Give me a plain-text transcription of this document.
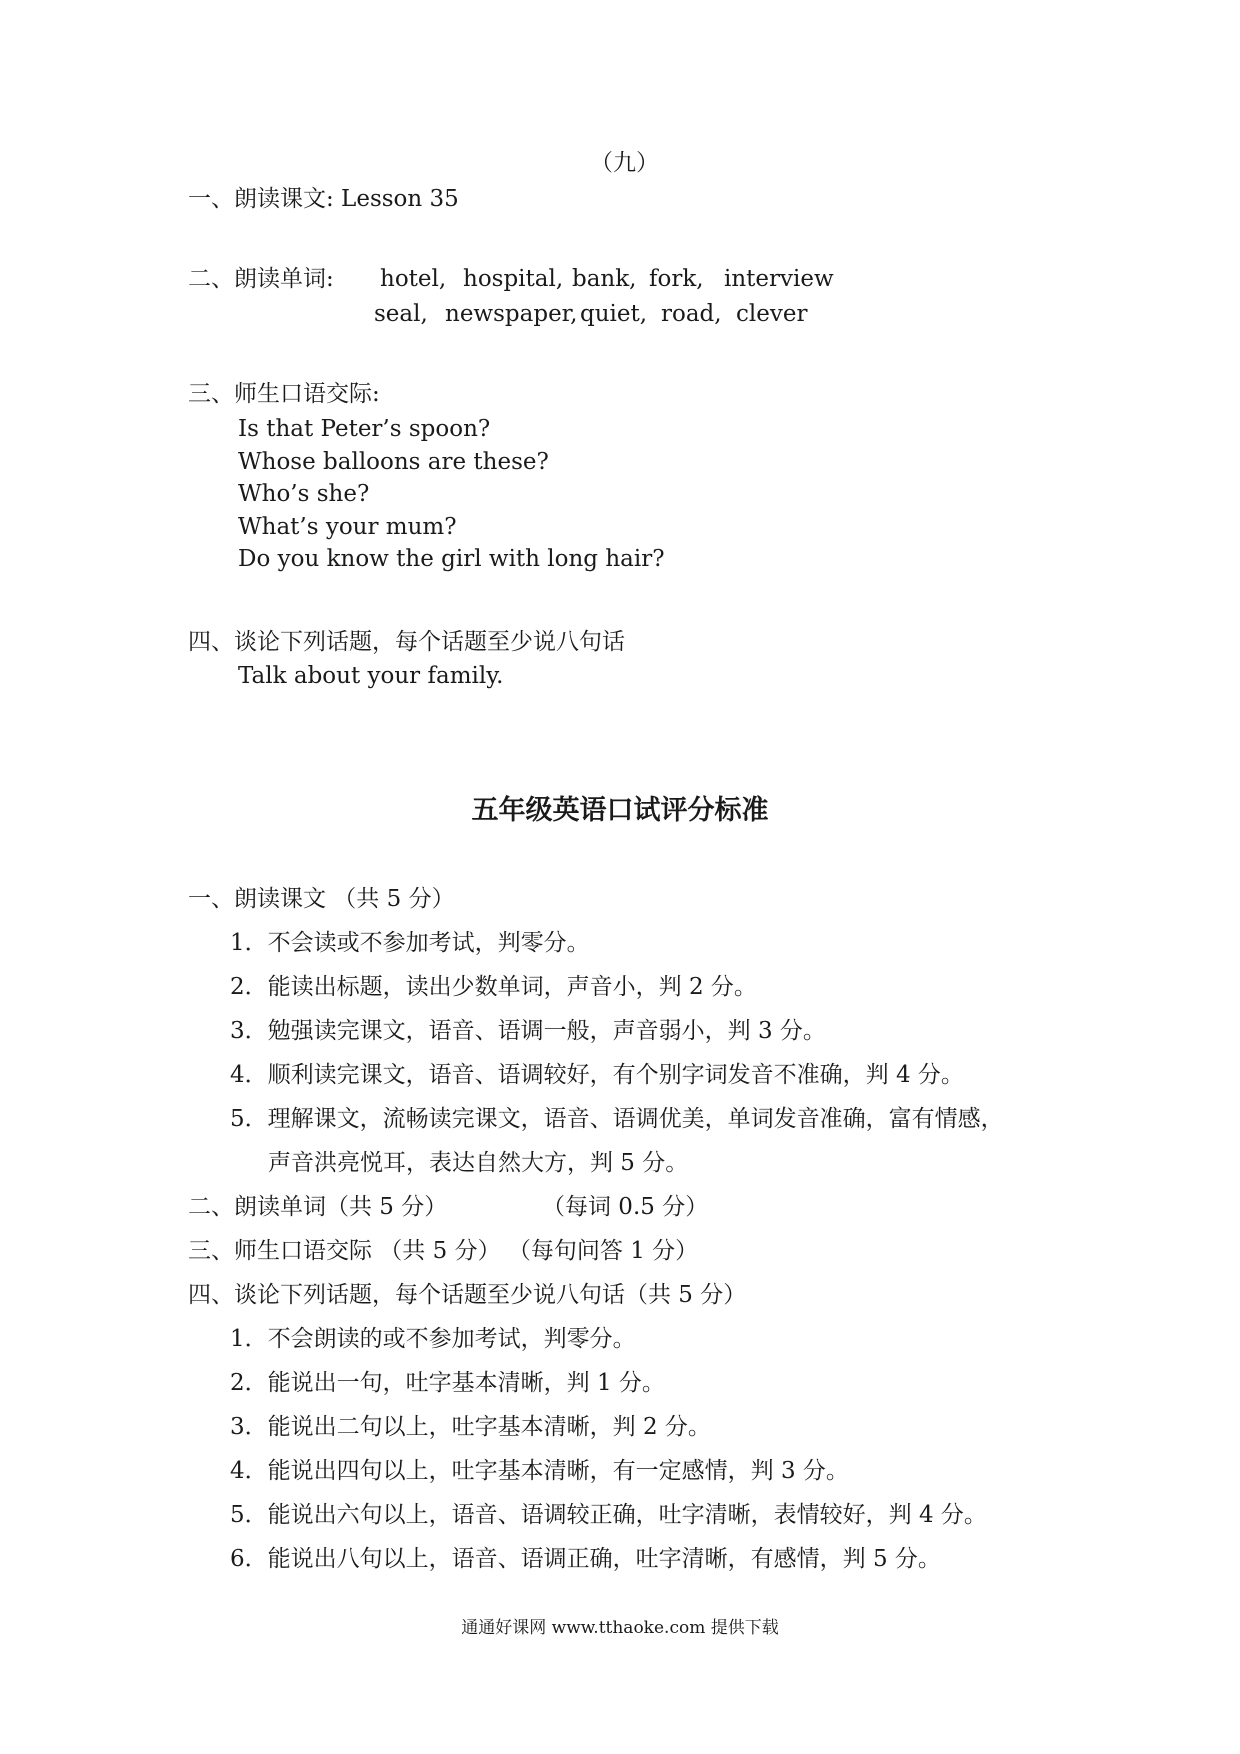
（九）
一、朗读课文: Lesson 35
二、朗读单词: hotel, hospital, bank, fork, interview
seal, newspaper, quiet, road, clever
三、师生口语交际:
Is that Peter’s spoon?
Whose balloons are these?
Who’s she?
What’s your mum?
Do you know the girl with long hair?
四、谈论下列话题，每个话题至少说八句话
Talk about your family.
五年级英语口试评分标准
一、朗读课文 （共 5 分）
1．不会读或不参加考试，判零分。
2．能读出标题，读出少数单词，声音小，判 2 分。
3．勉强读完课文，语音、语调一般，声音弱小，判 3 分。
4．顺利读完课文，语音、语调较好，有个别字词发音不准确，判 4 分。
5．理解课文，流畅读完课文，语音、语调优美，单词发音准确，富有情感，
声音洪亮悦耳，表达自然大方，判 5 分。
二、朗读单词（共 5 分）	（每词 0.5 分）
三、师生口语交际 （共 5 分） （每句问答 1 分）
四、谈论下列话题，每个话题至少说八句话（共 5 分）
1．不会朗读的或不参加考试，判零分。
2．能说出一句，吐字基本清晰，判 1 分。
3．能说出二句以上，吐字基本清晰，判 2 分。
4．能说出四句以上，吐字基本清晰，有一定感情，判 3 分。
5．能说出六句以上，语音、语调较正确，吐字清晰，表情较好，判 4 分。
6．能说出八句以上，语音、语调正确，吐字清晰，有感情，判 5 分。
通通好课网 www.tthaoke.com 提供下载
